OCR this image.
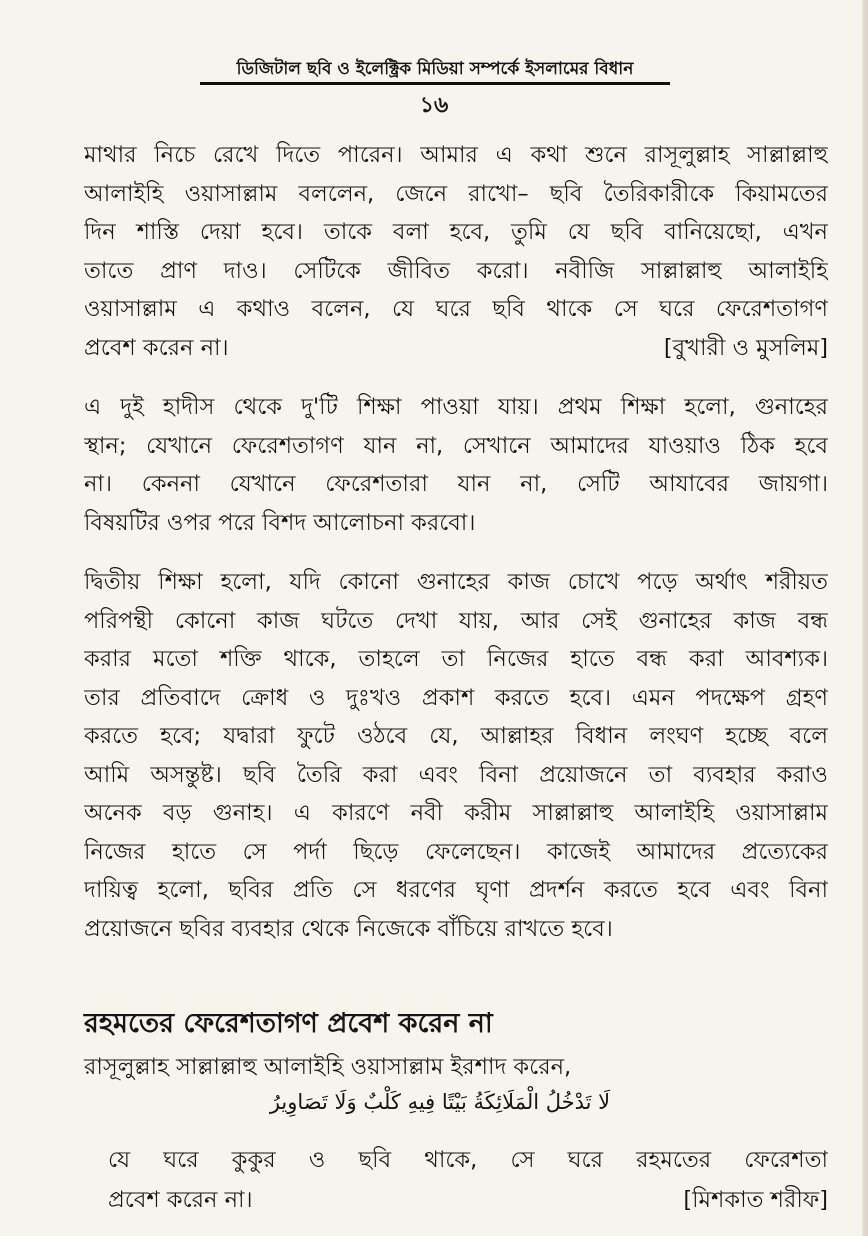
ডিজিটাল ছবি ও ইলেক্ট্রিক মিডিয়া সম্পর্কে ইসলামের বিধান
১৬
মাথার নিচে রেখে দিতে পারেন। আমার এ কথা শুনে রাসূলুল্লাহ সাল্লাল্লাহু
আলাইহি ওয়াসাল্লাম বললেন, জেনে রাখো– ছবি তৈরিকারীকে কিয়ামতের
দিন শাস্তি দেয়া হবে। তাকে বলা হবে, তুমি যে ছবি বানিয়েছো, এখন
তাতে প্রাণ দাও। সেটিকে জীবিত করো। নবীজি সাল্লাল্লাহু আলাইহি
ওয়াসাল্লাম এ কথাও বলেন, যে ঘরে ছবি থাকে সে ঘরে ফেরেশতাগণ
প্রবেশ করেন না।	[বুখারী ও মুসলিম]
এ দুই হাদীস থেকে দু'টি শিক্ষা পাওয়া যায়। প্রথম শিক্ষা হলো, গুনাহের
স্থান; যেখানে ফেরেশতাগণ যান না, সেখানে আমাদের যাওয়াও ঠিক হবে
না। কেননা যেখানে ফেরেশতারা যান না, সেটি আযাবের জায়গা।
বিষয়টির ওপর পরে বিশদ আলোচনা করবো।
দ্বিতীয় শিক্ষা হলো, যদি কোনো গুনাহের কাজ চোখে পড়ে অর্থাৎ শরীয়ত
পরিপন্থী কোনো কাজ ঘটতে দেখা যায়, আর সেই গুনাহের কাজ বন্ধ
করার মতো শক্তি থাকে, তাহলে তা নিজের হাতে বন্ধ করা আবশ্যক।
তার প্রতিবাদে ক্রোধ ও দুঃখও প্রকাশ করতে হবে। এমন পদক্ষেপ গ্রহণ
করতে হবে; যদ্বারা ফুটে ওঠবে যে, আল্লাহর বিধান লংঘণ হচ্ছে বলে
আমি অসন্তুষ্ট। ছবি তৈরি করা এবং বিনা প্রয়োজনে তা ব্যবহার করাও
অনেক বড় গুনাহ। এ কারণে নবী করীম সাল্লাল্লাহু আলাইহি ওয়াসাল্লাম
নিজের হাতে সে পর্দা ছিড়ে ফেলেছেন। কাজেই আমাদের প্রত্যেকের
দায়িত্ব হলো, ছবির প্রতি সে ধরণের ঘৃণা প্রদর্শন করতে হবে এবং বিনা
প্রয়োজনে ছবির ব্যবহার থেকে নিজেকে বাঁচিয়ে রাখতে হবে।
রহমতের ফেরেশতাগণ প্রবেশ করেন না
রাসূলুল্লাহ সাল্লাল্লাহু আলাইহি ওয়াসাল্লাম ইরশাদ করেন,
لَا تَدْخُلُ الْمَلَائِكَةُ بَيْتًا فِيهِ كَلْبٌ وَلَا تَصَاوِيرُ
যে ঘরে কুকুর ও ছবি থাকে, সে ঘরে রহমতের ফেরেশতা
প্রবেশ করেন না।	[মিশকাত শরীফ]
